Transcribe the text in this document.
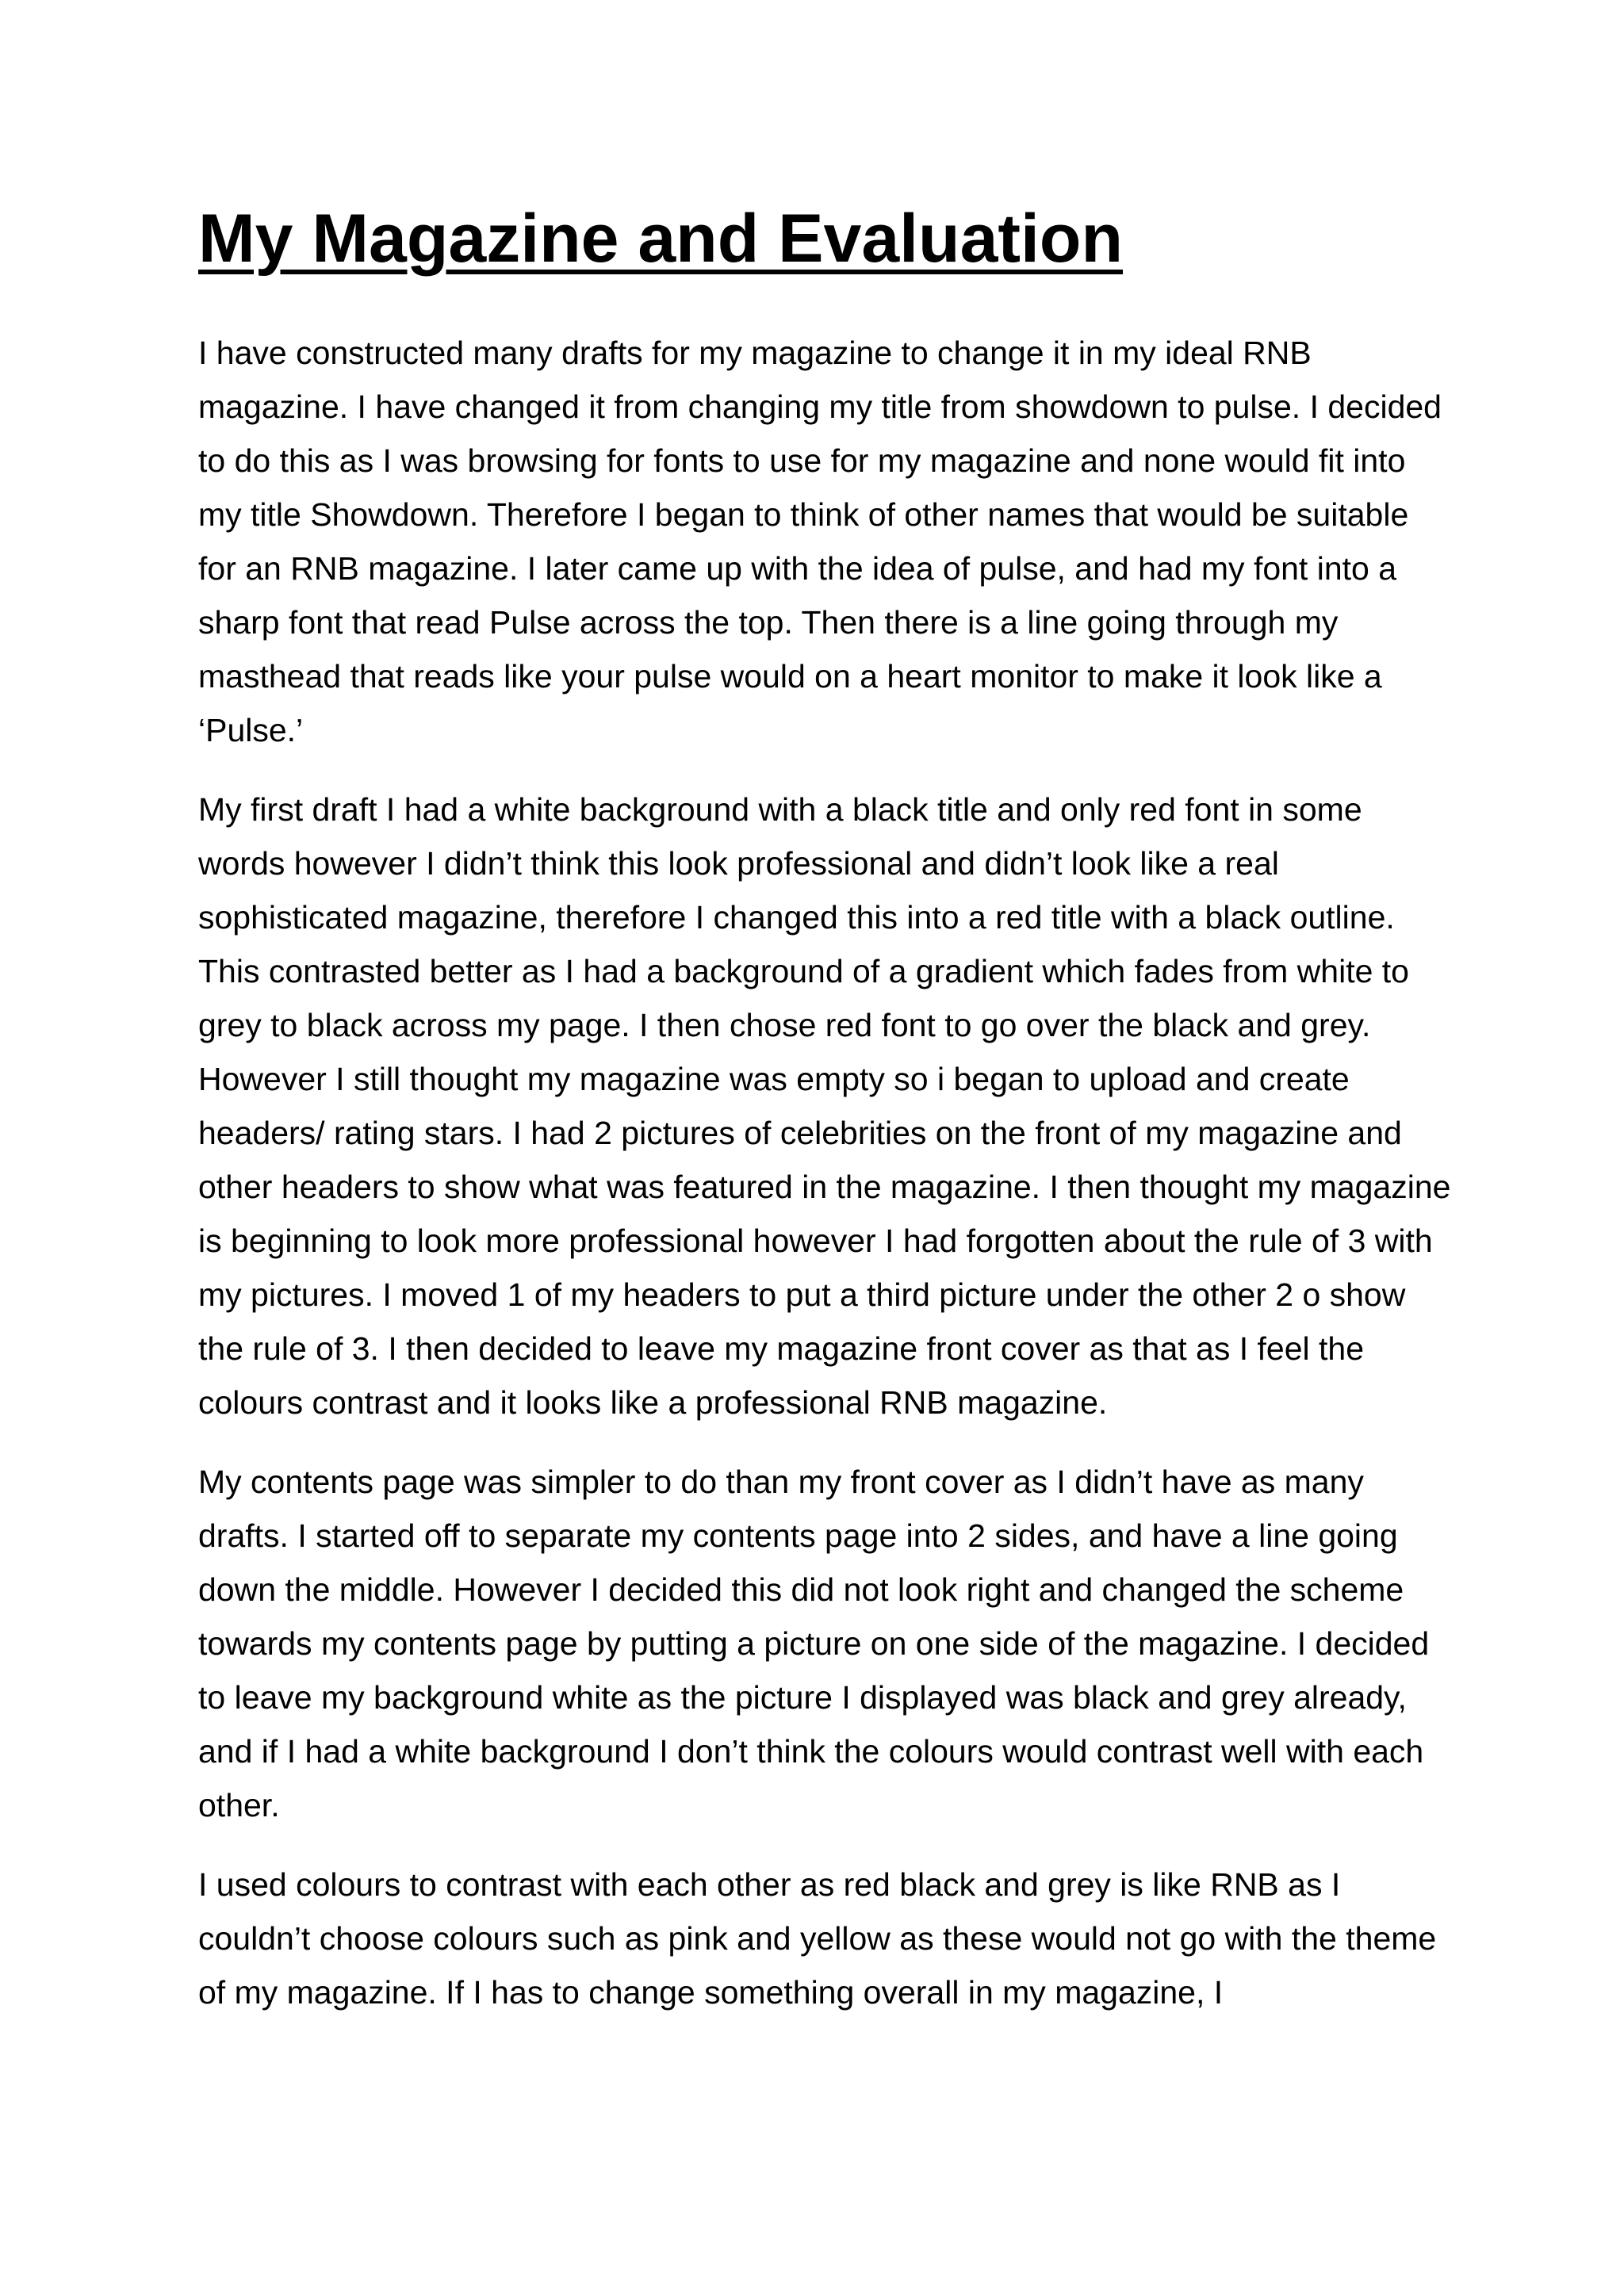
My Magazine and Evaluation

I have constructed many drafts for my magazine to change it in my ideal RNB magazine. I have changed it from changing my title from showdown to pulse. I decided to do this as I was browsing for fonts to use for my magazine and none would fit into my title Showdown. Therefore I began to think of other names that would be suitable for an RNB magazine. I later came up with the idea of pulse, and had my font into a sharp font that read Pulse across the top. Then there is a line going through my masthead that reads like your pulse would on a heart monitor to make it look like a ‘Pulse.’

My first draft I had a white background with a black title and only red font in some words however I didn’t think this look professional and didn’t look like a real sophisticated magazine, therefore I changed this into a red title with a black outline. This contrasted better as I had a background of a gradient which fades from white to grey to black across my page. I then chose red font to go over the black and grey. However I still thought my magazine was empty so i began to upload and create headers/ rating stars. I had 2 pictures of celebrities on the front of my magazine and other headers to show what was featured in the magazine. I then thought my magazine is beginning to look more professional however I had forgotten about the rule of 3 with my pictures. I moved 1 of my headers to put a third picture under the other 2 o show the rule of 3. I then decided to leave my magazine front cover as that as I feel the colours contrast and it looks like a professional RNB magazine.

My contents page was simpler to do than my front cover as I didn’t have as many drafts. I started off to separate my contents page into 2 sides, and have a line going down the middle. However I decided this did not look right and changed the scheme towards my contents page by putting a picture on one side of the magazine. I decided to leave my background white as the picture I displayed was black and grey already, and if I had a white background I don’t think the colours would contrast well with each other.

I used colours to contrast with each other as red black and grey is like RNB as I couldn’t choose colours such as pink and yellow as these would not go with the theme of my magazine. If I has to change something overall in my magazine, I
